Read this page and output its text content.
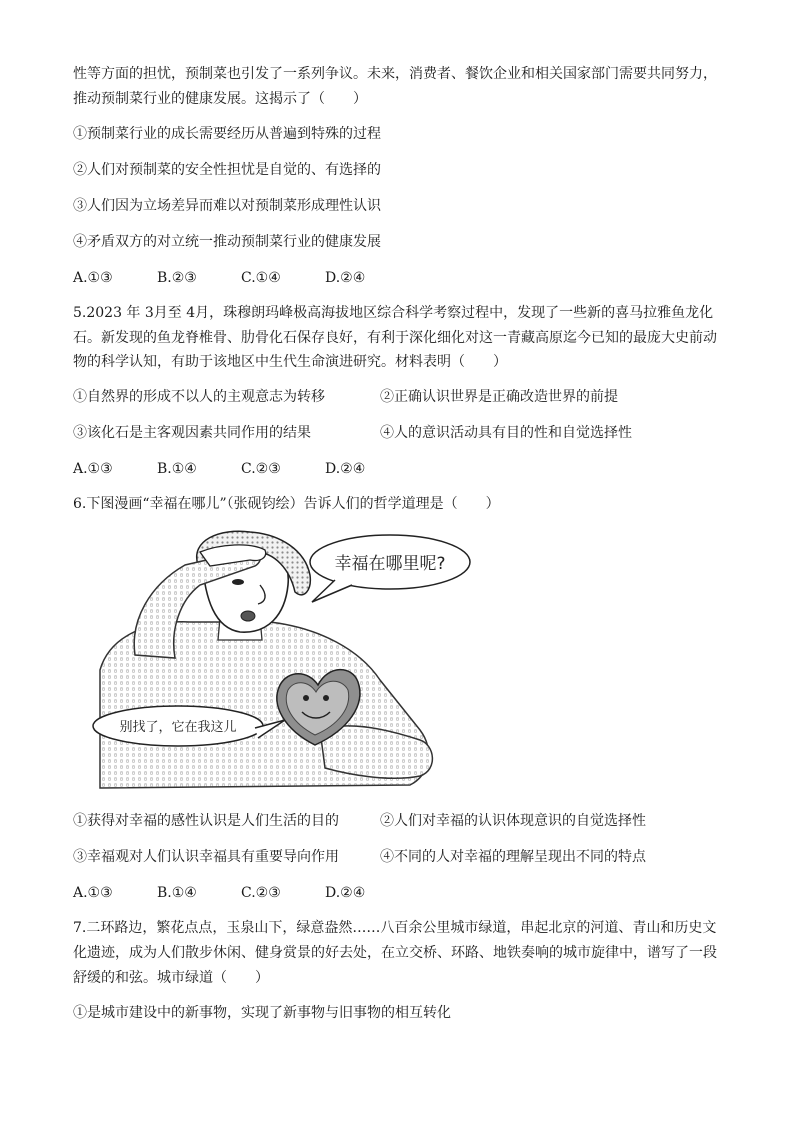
性等方面的担忧，预制菜也引发了一系列争议。未来，消费者、餐饮企业和相关国家部门需要共同努力，
推动预制菜行业的健康发展。这揭示了（　　）
①预制菜行业的成长需要经历从普遍到特殊的过程
②人们对预制菜的安全性担忧是自觉的、有选择的
③人们因为立场差异而难以对预制菜形成理性认识
④矛盾双方的对立统一推动预制菜行业的健康发展
A.①③	B.②③	C.①④	D.②④
5.2023 年 3月至 4月，珠穆朗玛峰极高海拔地区综合科学考察过程中，发现了一些新的喜马拉雅鱼龙化
石。新发现的鱼龙脊椎骨、肋骨化石保存良好，有利于深化细化对这一青藏高原迄今已知的最庞大史前动
物的科学认知，有助于该地区中生代生命演进研究。材料表明（　　）
①自然界的形成不以人的主观意志为转移	②正确认识世界是正确改造世界的前提
③该化石是主客观因素共同作用的结果	④人的意识活动具有目的性和自觉选择性
A.①③	B.①④	C.②③	D.②④
6.下图漫画“幸福在哪儿”（张砚钧绘）告诉人们的哲学道理是（　　）
幸福在哪里呢?
别找了，它在我这儿
①获得对幸福的感性认识是人们生活的目的	②人们对幸福的认识体现意识的自觉选择性
③幸福观对人们认识幸福具有重要导向作用	④不同的人对幸福的理解呈现出不同的特点
A.①③	B.①④	C.②③	D.②④
7.二环路边，繁花点点，玉泉山下，绿意盎然……八百余公里城市绿道，串起北京的河道、青山和历史文
化遗迹，成为人们散步休闲、健身赏景的好去处，在立交桥、环路、地铁奏响的城市旋律中，谱写了一段
舒缓的和弦。城市绿道（　　）
①是城市建设中的新事物，实现了新事物与旧事物的相互转化
